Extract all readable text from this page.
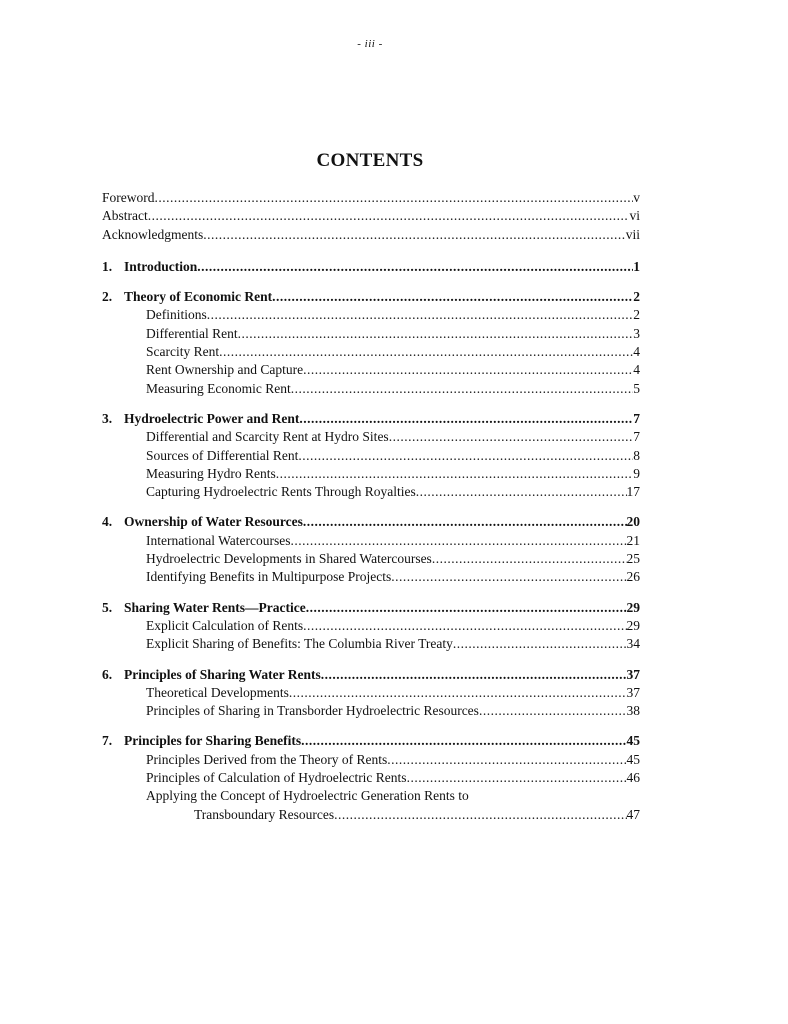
- iii -
CONTENTS
Foreword .....	v
Abstract .....	vi
Acknowledgments .....	vii
1. Introduction .....	1
2. Theory of Economic Rent .....	2
Definitions .....	2
Differential Rent .....	3
Scarcity Rent .....	4
Rent Ownership and Capture .....	4
Measuring Economic Rent .....	5
3. Hydroelectric Power and Rent .....	7
Differential and Scarcity Rent at Hydro Sites .....	7
Sources of Differential Rent .....	8
Measuring Hydro Rents .....	9
Capturing Hydroelectric Rents Through Royalties .....	17
4. Ownership of Water Resources .....	20
International Watercourses .....	21
Hydroelectric Developments in Shared Watercourses .....	25
Identifying Benefits in Multipurpose Projects .....	26
5. Sharing Water Rents—Practice .....	29
Explicit Calculation of Rents .....	29
Explicit Sharing of Benefits: The Columbia River Treaty .....	34
6. Principles of Sharing Water Rents .....	37
Theoretical Developments .....	37
Principles of Sharing in Transborder Hydroelectric Resources .....	38
7. Principles for Sharing Benefits .....	45
Principles Derived from the Theory of Rents .....	45
Principles of Calculation of Hydroelectric Rents .....	46
Applying the Concept of Hydroelectric Generation Rents to
Transboundary Resources .....	47
